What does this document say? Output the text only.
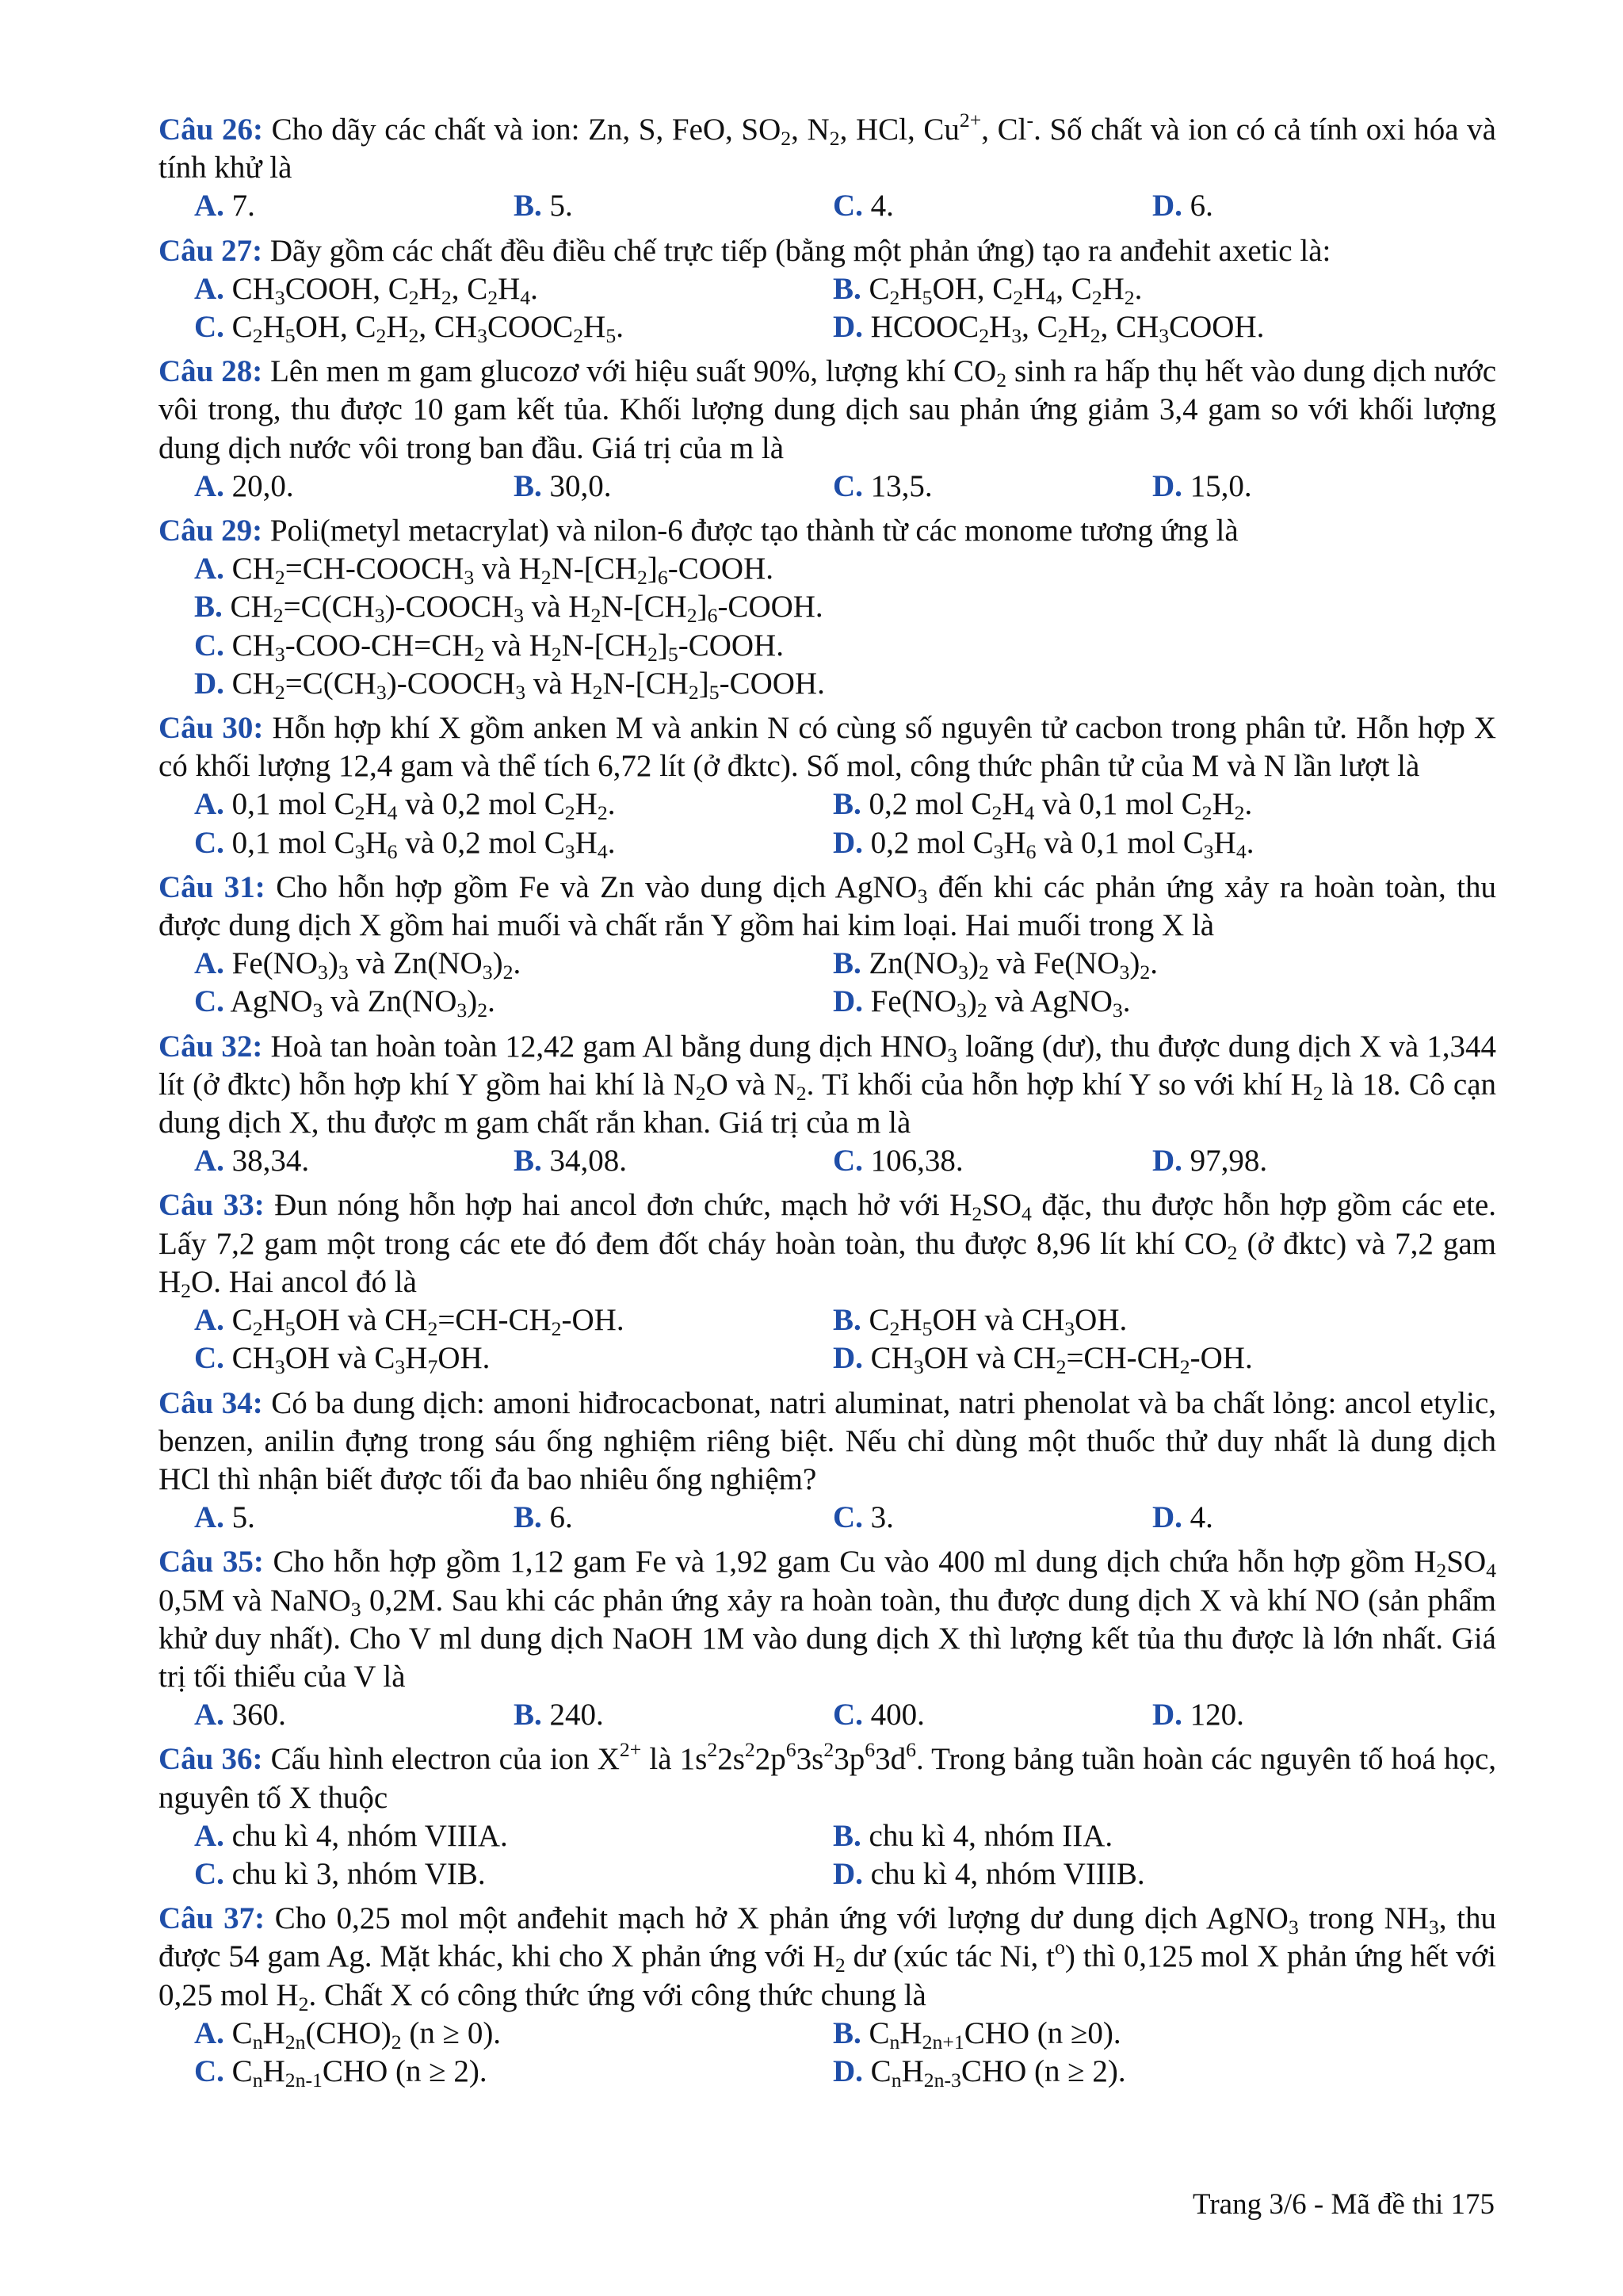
Câu 26: Cho dãy các chất và ion: Zn, S, FeO, $SO_2$, $N_2$, HCl, $Cu^{2+}$, Cl-. Số chất và ion có cả tính oxi hóa và tính khử là

A. 7.	B. 5.	C. 4.	D. 6.

Câu 27: Dãy gồm các chất đều điều chế trực tiếp (bằng một phản ứng) tạo ra anđehit axetic là:

A. $CH_3COOH$, $C_2H_2$, $C_2H_4$.	B. $C_2H_5OH$, $C_2H_4$, $C_2H_2$.
C. $C_2H_5OH$, $C_2H_2$, $CH_3COOC_2H_5$.	D. $HCOOC_2H_3$, $C_2H_2$, $CH_3COOH$.

Câu 28: Lên men m gam glucozơ với hiệu suất 90%, lượng khí $CO_2$ sinh ra hấp thụ hết vào dung dịch nước vôi trong, thu được 10 gam kết tủa. Khối lượng dung dịch sau phản ứng giảm 3,4 gam so với khối lượng dung dịch nước vôi trong ban đầu. Giá trị của m là

A. 20,0.	B. 30,0.	C. 13,5.	D. 15,0.

Câu 29: Poli(metyl metacrylat) và nilon-6 được tạo thành từ các monome tương ứng là

A. $CH_2=CH-COOCH_3$ và $H_2N-[CH_2]_6$-COOH.
B. $CH_2=C(CH_3)-COOCH_3$ và $H_2N-[CH_2]_6$-COOH.
C. $CH_3-COO-CH=CH_2$ và $H_2N-[CH_2]_5$-COOH.
D. $CH_2=C(CH_3)-COOCH_3$ và $H_2N-[CH_2]_5$-COOH.

Câu 30: Hỗn hợp khí X gồm anken M và ankin N có cùng số nguyên tử cacbon trong phân tử. Hỗn hợp X có khối lượng 12,4 gam và thể tích 6,72 lít (ở đktc). Số mol, công thức phân tử của M và N lần lượt là

A. 0,1 mol $C_2H_4$ và 0,2 mol $C_2H_2$.	B. 0,2 mol $C_2H_4$ và 0,1 mol $C_2H_2$.
C. 0,1 mol $C_3H_6$ và 0,2 mol $C_3H_4$.	D. 0,2 mol $C_3H_6$ và 0,1 mol $C_3H_4$.

Câu 31: Cho hỗn hợp gồm Fe và Zn vào dung dịch AgNO$_3$ đến khi các phản ứng xảy ra hoàn toàn, thu được dung dịch X gồm hai muối và chất rắn Y gồm hai kim loại. Hai muối trong X là

A. $Fe(NO_3)_3$ và $Zn(NO_3)_2$.	B. $Zn(NO_3)_2$ và $Fe(NO_3)_2$.
C. AgNO$_3$ và $Zn(NO_3)_2$.	D. $Fe(NO_3)_2$ và AgNO$_3$.

Câu 32: Hoà tan hoàn toàn 12,42 gam Al bằng dung dịch $HNO_3$ loãng (dư), thu được dung dịch X và 1,344 lít (ở đktc) hỗn hợp khí Y gồm hai khí là $N_2O$ và $N_2$. Tỉ khối của hỗn hợp khí Y so với khí $H_2$ là 18. Cô cạn dung dịch X, thu được m gam chất rắn khan. Giá trị của m là

A. 38,34.	B. 34,08.	C. 106,38.	D. 97,98.

Câu 33: Đun nóng hỗn hợp hai ancol đơn chức, mạch hở với $H_2SO_4$ đặc, thu được hỗn hợp gồm các ete. Lấy 7,2 gam một trong các ete đó đem đốt cháy hoàn toàn, thu được 8,96 lít khí $CO_2$ (ở đktc) và 7,2 gam $H_2O$. Hai ancol đó là

A. $C_2H_5OH$ và $CH_2=CH-CH_2-OH$.	B. $C_2H_5OH$ và $CH_3OH$.
C. $CH_3OH$ và $C_3H_7OH$.	D. $CH_3OH$ và $CH_2=CH-CH_2-OH$.

Câu 34: Có ba dung dịch: amoni hiđrocacbonat, natri aluminat, natri phenolat và ba chất lỏng: ancol etylic, benzen, anilin đựng trong sáu ống nghiệm riêng biệt. Nếu chỉ dùng một thuốc thử duy nhất là dung dịch HCl thì nhận biết được tối đa bao nhiêu ống nghiệm?

A. 5.	B. 6.	C. 3.	D. 4.

Câu 35: Cho hỗn hợp gồm 1,12 gam Fe và 1,92 gam Cu vào 400 ml dung dịch chứa hỗn hợp gồm $H_2SO_4$ 0,5M và NaNO$_3$ 0,2M. Sau khi các phản ứng xảy ra hoàn toàn, thu được dung dịch X và khí NO (sản phẩm khử duy nhất). Cho V ml dung dịch NaOH 1M vào dung dịch X thì lượng kết tủa thu được là lớn nhất. Giá trị tối thiểu của V là

A. 360.	B. 240.	C. 400.	D. 120.

Câu 36: Cấu hình electron của ion $X^{2+}$ là $1s^22s^22p^63s^23p^63d^6$. Trong bảng tuần hoàn các nguyên tố hoá học, nguyên tố X thuộc

A. chu kì 4, nhóm VIIIA.	B. chu kì 4, nhóm IIA.
C. chu kì 3, nhóm VIB.	D. chu kì 4, nhóm VIIIB.

Câu 37: Cho 0,25 mol một anđehit mạch hở X phản ứng với lượng dư dung dịch AgNO$_3$ trong $NH_3$, thu được 54 gam Ag. Mặt khác, khi cho X phản ứng với $H_2$ dư (xúc tác Ni, $t^o$) thì 0,125 mol X phản ứng hết với 0,25 mol $H_2$. Chất X có công thức ứng với công thức chung là

A. $C_nH_{2n}(CHO)_2$ (n ≥ 0).	B. $C_nH_{2n+1}CHO$ (n ≥0).
C. $C_nH_{2n-1}CHO$ (n ≥ 2).	D. $C_nH_{2n-3}CHO$ (n ≥ 2).
Trang 3/6 - Mã đề thi 175
